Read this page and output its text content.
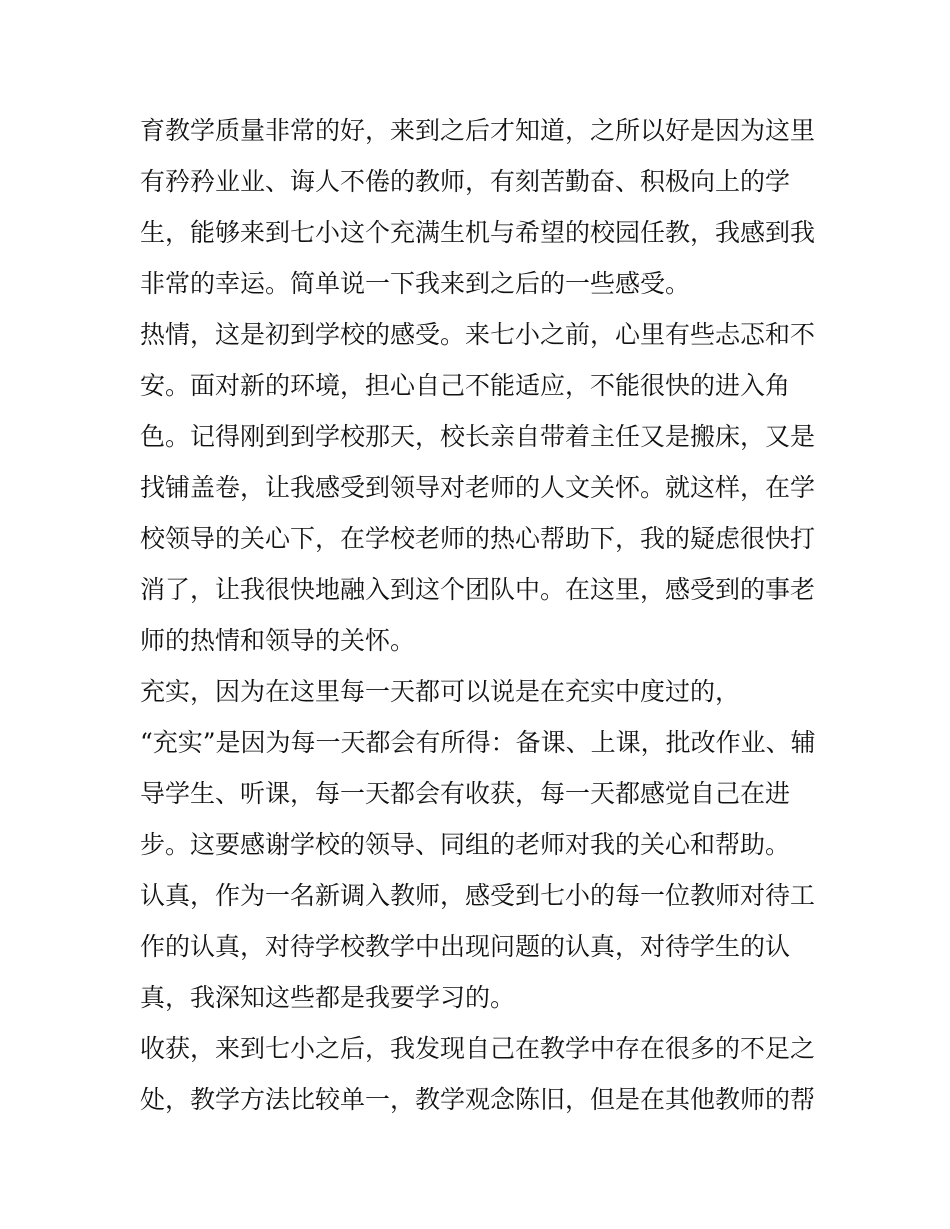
育教学质量非常的好，来到之后才知道，之所以好是因为这里
有矜矜业业、诲人不倦的教师，有刻苦勤奋、积极向上的学
生，能够来到七小这个充满生机与希望的校园任教，我感到我
非常的幸运。简单说一下我来到之后的一些感受。

热情，这是初到学校的感受。来七小之前，心里有些忐忑和不
安。面对新的环境，担心自己不能适应，不能很快的进入角
色。记得刚到到学校那天，校长亲自带着主任又是搬床，又是
找铺盖卷，让我感受到领导对老师的人文关怀。就这样，在学
校领导的关心下，在学校老师的热心帮助下，我的疑虑很快打
消了，让我很快地融入到这个团队中。在这里，感受到的事老
师的热情和领导的关怀。

充实，因为在这里每一天都可以说是在充实中度过的，
“充实”是因为每一天都会有所得：备课、上课，批改作业、辅
导学生、听课，每一天都会有收获，每一天都感觉自己在进
步。这要感谢学校的领导、同组的老师对我的关心和帮助。

认真，作为一名新调入教师，感受到七小的每一位教师对待工
作的认真，对待学校教学中出现问题的认真，对待学生的认
真，我深知这些都是我要学习的。

收获，来到七小之后，我发现自己在教学中存在很多的不足之
处，教学方法比较单一，教学观念陈旧，但是在其他教师的帮
